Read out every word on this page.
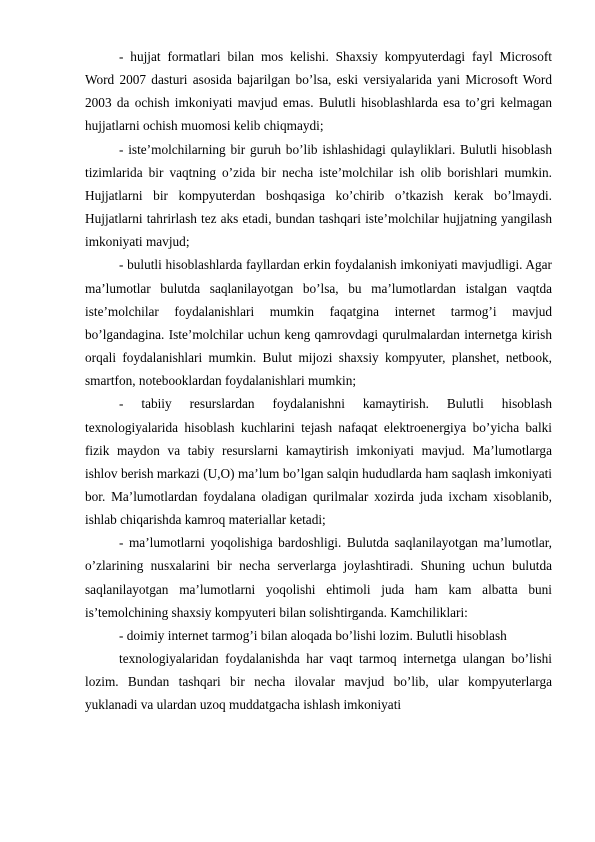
- hujjat formatlari bilan mos kelishi. Shaxsiy kompyuterdagi fayl Microsoft Word 2007 dasturi asosida bajarilgan bo’lsa, eski versiyalarida yani Microsoft Word 2003 da ochish imkoniyati mavjud emas. Bulutli hisoblashlarda esa to’gri kelmagan hujjatlarni ochish muomosi kelib chiqmaydi;

- iste’molchilarning bir guruh bo’lib ishlashidagi qulayliklari. Bulutli hisoblash tizimlarida bir vaqtning o’zida bir necha iste’molchilar ish olib borishlari mumkin. Hujjatlarni bir kompyuterdan boshqasiga ko’chirib o’tkazish kerak bo’lmaydi. Hujjatlarni tahrirlash tez aks etadi, bundan tashqari iste’molchilar hujjatning yangilash imkoniyati mavjud;

- bulutli hisoblashlarda fayllardan erkin foydalanish imkoniyati mavjudligi. Agar ma’lumotlar bulutda saqlanilayotgan bo’lsa, bu ma’lumotlardan istalgan vaqtda iste’molchilar foydalanishlari mumkin faqatgina internet tarmog’i mavjud bo’lgandagina. Iste’molchilar uchun keng qamrovdagi qurulmalardan internetga kirish orqali foydalanishlari mumkin. Bulut mijozi shaxsiy kompyuter, planshet, netbook, smartfon, notebooklardan foydalanishlari mumkin;

- tabiiy resurslardan foydalanishni kamaytirish. Bulutli hisoblash texnologiyalarida hisoblash kuchlarini tejash nafaqat elektroenergiya bo’yicha balki fizik maydon va tabiy resurslarni kamaytirish imkoniyati mavjud. Ma’lumotlarga ishlov berish markazi (U,O) ma’lum bo’lgan salqin hududlarda ham saqlash imkoniyati bor. Ma’lumotlardan foydalana oladigan qurilmalar xozirda juda ixcham xisoblanib, ishlab chiqarishda kamroq materiallar ketadi;

- ma’lumotlarni yoqolishiga bardoshligi. Bulutda saqlanilayotgan ma’lumotlar, o’zlarining nusxalarini bir necha serverlarga joylashtiradi. Shuning uchun bulutda saqlanilayotgan ma’lumotlarni yoqolishi ehtimoli juda ham kam albatta buni is’temolchining shaxsiy kompyuteri bilan solishtirganda. Kamchiliklari:

- doimiy internet tarmog’i bilan aloqada bo’lishi lozim. Bulutli hisoblash

texnologiyalaridan foydalanishda har vaqt tarmoq internetga ulangan bo’lishi lozim. Bundan tashqari bir necha ilovalar mavjud bo’lib, ular kompyuterlarga yuklanadi va ulardan uzoq muddatgacha ishlash imkoniyati
